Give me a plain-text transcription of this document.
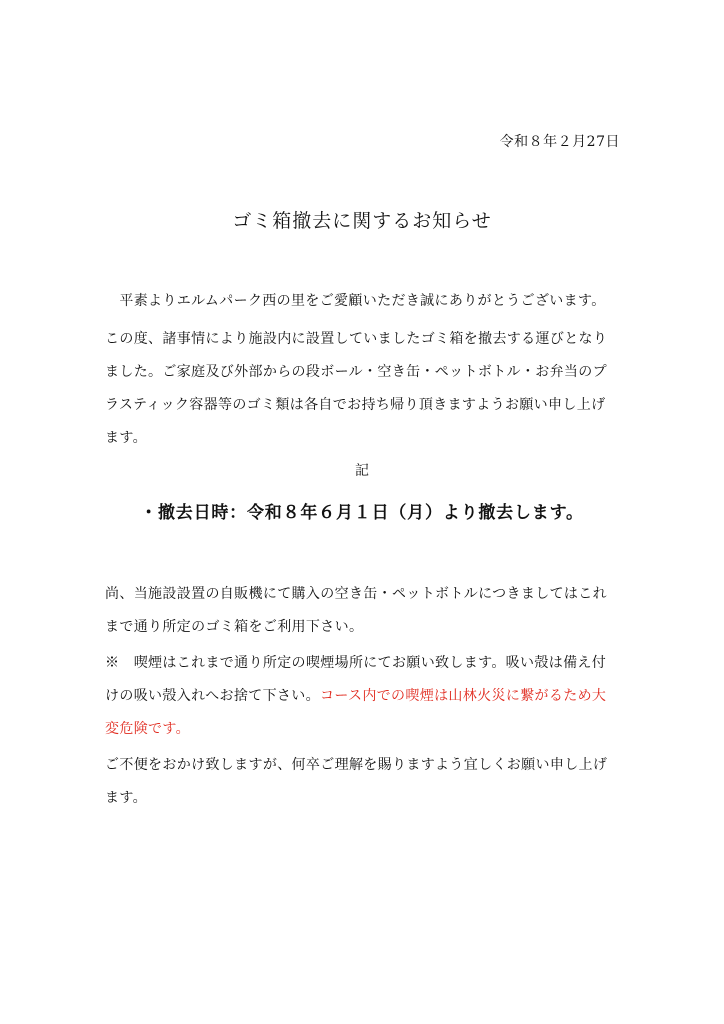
令和８年２月27日
ゴミ箱撤去に関するお知らせ

　平素よりエルムパーク西の里をご愛顧いただき誠にありがとうございます。

この度、諸事情により施設内に設置していましたゴミ箱を撤去する運びとなりました。ご家庭及び外部からの段ボール・空き缶・ペットボトル・お弁当のプラスティック容器等のゴミ類は各自でお持ち帰り頂きますようお願い申し上げます。

記
・撤去日時：令和８年６月１日（月）より撤去します。

尚、当施設設置の自販機にて購入の空き缶・ペットボトルにつきましてはこれまで通り所定のゴミ箱をご利用下さい。

※　喫煙はこれまで通り所定の喫煙場所にてお願い致します。吸い殻は備え付けの吸い殻入れへお捨て下さい。コース内での喫煙は山林火災に繋がるため大変危険です。

ご不便をおかけ致しますが、何卒ご理解を賜りますよう宜しくお願い申し上げます。
